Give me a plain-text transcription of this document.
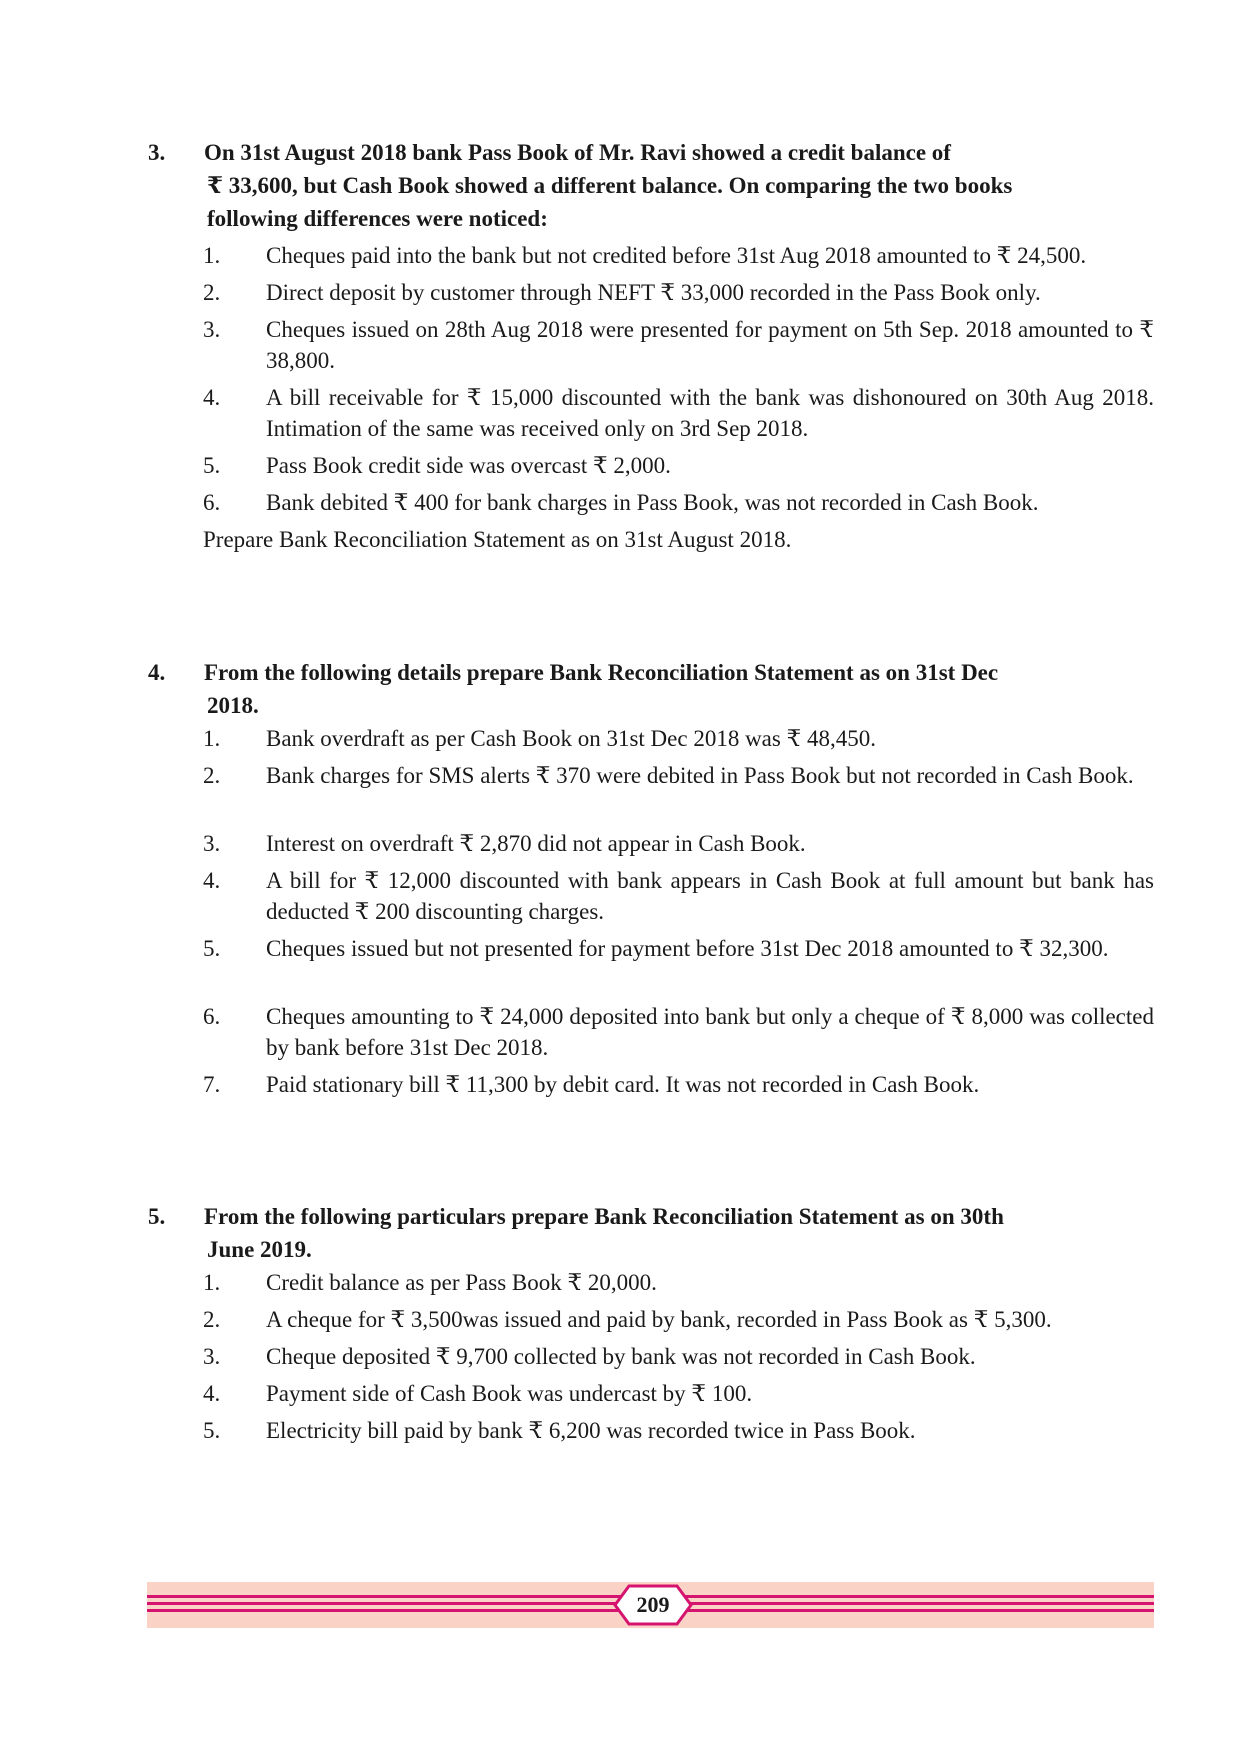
3. On 31st August 2018 bank Pass Book of Mr. Ravi showed a credit balance of
₹ 33,600, but Cash Book showed a different balance. On comparing the two books
following differences were noticed:
1. Cheques paid into the bank but not credited before 31st Aug 2018 amounted to ₹ 24,500.
2. Direct deposit by customer through NEFT ₹ 33,000 recorded in the Pass Book only.
3. Cheques issued on 28th Aug 2018 were presented for payment on 5th Sep. 2018 amounted to ₹ 38,800.
4. A bill receivable for ₹ 15,000 discounted with the bank was dishonoured on 30th Aug 2018. Intimation of the same was received only on 3rd Sep 2018.
5. Pass Book credit side was overcast ₹ 2,000.
6. Bank debited ₹ 400 for bank charges in Pass Book, was not recorded in Cash Book.
Prepare Bank Reconciliation Statement as on 31st August 2018.
4. From the following details prepare Bank Reconciliation Statement as on 31st Dec
2018.
1. Bank overdraft as per Cash Book on 31st Dec 2018 was ₹ 48,450.
2. Bank charges for SMS alerts ₹ 370 were debited in Pass Book but not recorded in Cash Book.
3. Interest on overdraft ₹ 2,870 did not appear in Cash Book.
4. A bill for ₹ 12,000 discounted with bank appears in Cash Book at full amount but bank has deducted ₹ 200 discounting charges.
5. Cheques issued but not presented for payment before 31st Dec 2018 amounted to ₹ 32,300.
6. Cheques amounting to ₹ 24,000 deposited into bank but only a cheque of ₹ 8,000 was collected by bank before 31st Dec 2018.
7. Paid stationary bill ₹ 11,300 by debit card. It was not recorded in Cash Book.
5. From the following particulars prepare Bank Reconciliation Statement as on 30th
June 2019.
1. Credit balance as per Pass Book ₹ 20,000.
2. A cheque for ₹ 3,500was issued and paid by bank, recorded in Pass Book as ₹ 5,300.
3. Cheque deposited ₹ 9,700 collected by bank was not recorded in Cash Book.
4. Payment side of Cash Book was undercast by ₹ 100.
5. Electricity bill paid by bank ₹ 6,200 was recorded twice in Pass Book.
209
